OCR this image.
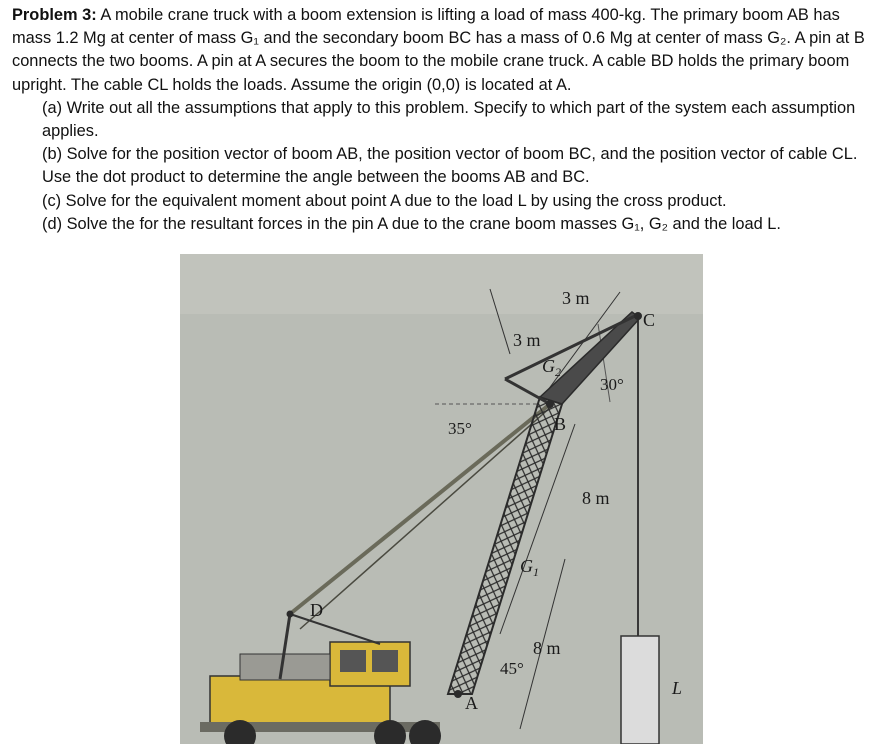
Problem 3: A mobile crane truck with a boom extension is lifting a load of mass 400-kg. The primary boom AB has mass 1.2 Mg at center of mass G₁ and the secondary boom BC has a mass of 0.6 Mg at center of mass G₂. A pin at B connects the two booms. A pin at A secures the boom to the mobile crane truck. A cable BD holds the primary boom upright. The cable CL holds the loads. Assume the origin (0,0) is located at A.

(a) Write out all the assumptions that apply to this problem. Specify to which part of the system each assumption applies.

(b) Solve for the position vector of boom AB, the position vector of boom BC, and the position vector of cable CL. Use the dot product to determine the angle between the booms AB and BC.

(c) Solve for the equivalent moment about point A due to the load L by using the cross product.

(d) Solve the for the resultant forces in the pin A due to the crane boom masses G₁, G₂ and the load L.

A
B
C
D
L
$G_1$
$G_2$
3 m
3 m
8 m
8 m
35°
30°
45°
